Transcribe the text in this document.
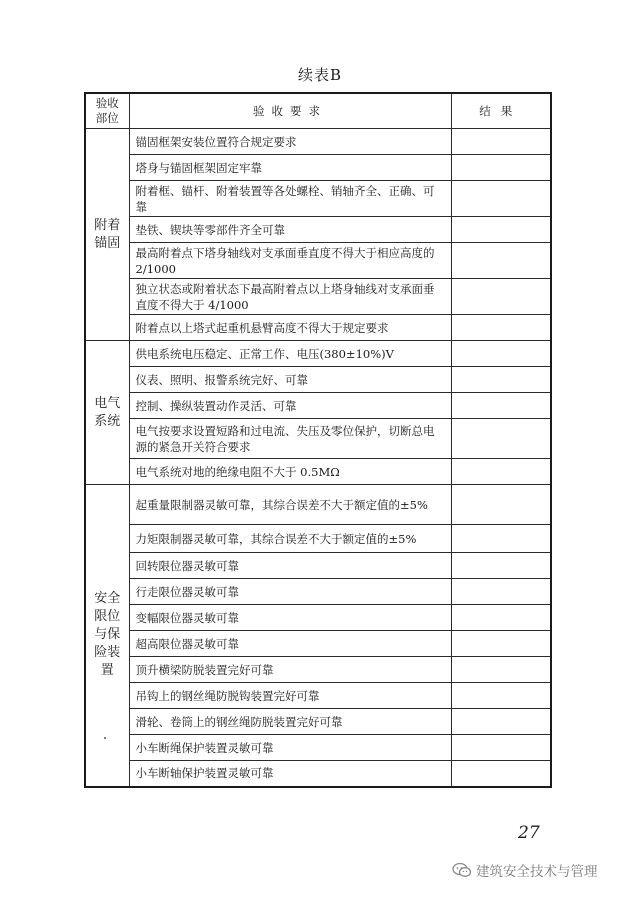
续表B
验收
部位	验收要求	结果

附着
锚固	锚固框架安装位置符合规定要求	
	塔身与锚固框架固定牢靠	
	附着框、锚杆、附着装置等各处螺栓、销轴齐全、正确、可靠	
	垫铁、锲块等零部件齐全可靠	
	最高附着点下塔身轴线对支承面垂直度不得大于相应高度的 2/1000	
	独立状态或附着状态下最高附着点以上塔身轴线对支承面垂直度不得大于 4/1000	
	附着点以上塔式起重机悬臂高度不得大于规定要求	

电气
系统	供电系统电压稳定、正常工作、电压(380±10%)V	
	仪表、照明、报警系统完好、可靠	
	控制、操纵装置动作灵活、可靠	
	电气按要求设置短路和过电流、失压及零位保护，切断总电源的紧急开关符合要求	
	电气系统对地的绝缘电阻不大于 0.5MΩ	

安全
限位
与保
险装
置	起重量限制器灵敏可靠，其综合误差不大于额定值的±5%	
	力矩限制器灵敏可靠，其综合误差不大于额定值的±5%	
	回转限位器灵敏可靠	
	行走限位器灵敏可靠	
	变幅限位器灵敏可靠	
	超高限位器灵敏可靠	
	顶升横梁防脱装置完好可靠	
	吊钩上的钢丝绳防脱钩装置完好可靠	
	滑轮、卷筒上的钢丝绳防脱装置完好可靠	
	小车断绳保护装置灵敏可靠	
	小车断轴保护装置灵敏可靠	
27
建筑安全技术与管理
